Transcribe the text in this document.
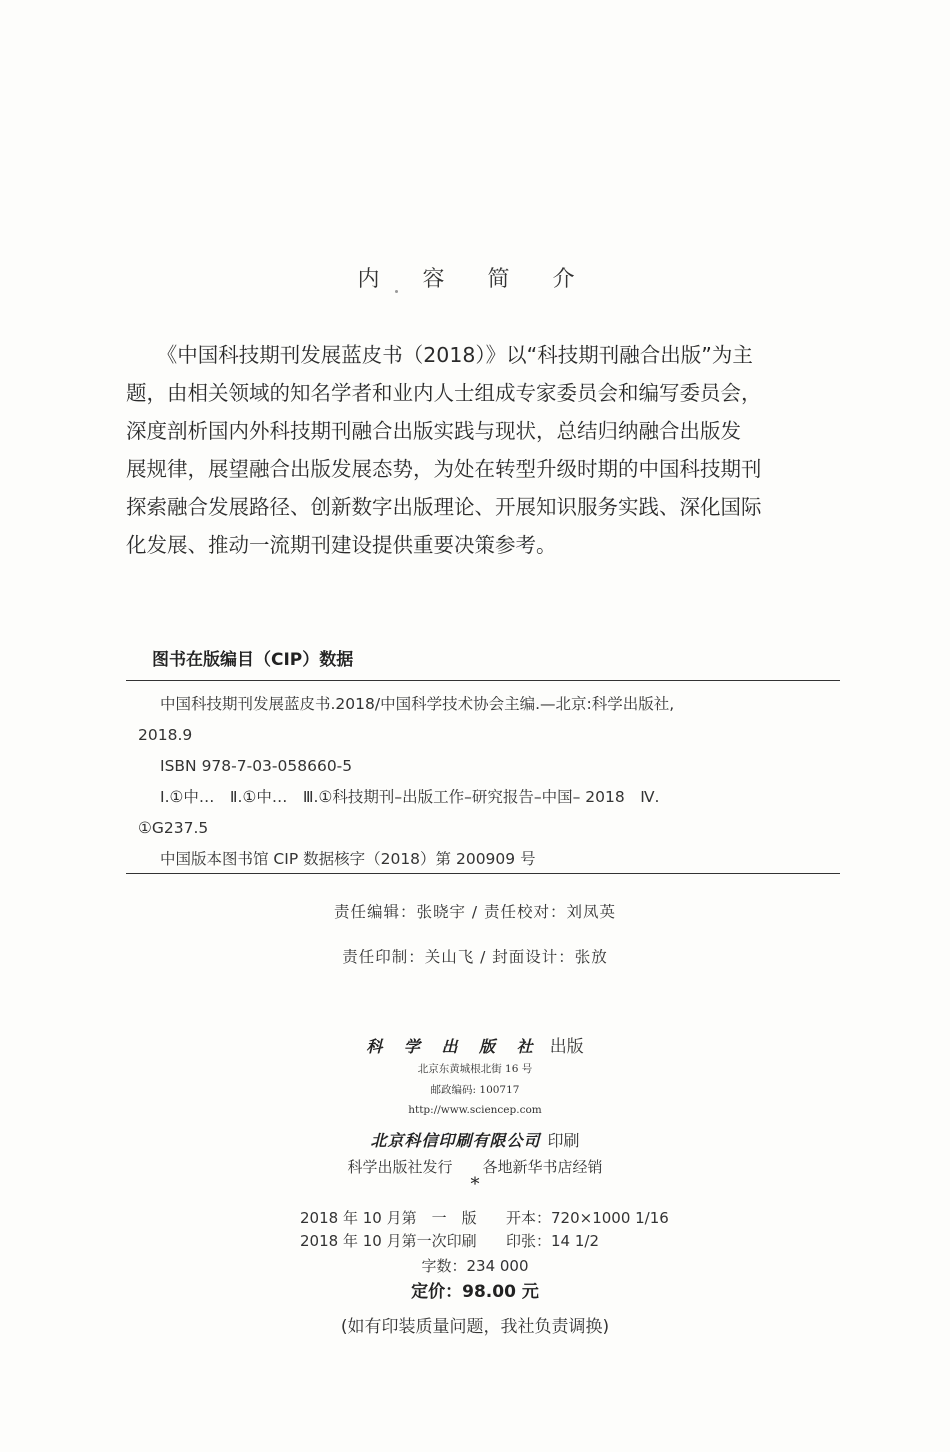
内 容 简 介
　　《中国科技期刊发展蓝皮书（2018）》以“科技期刊融合出版”为主
题，由相关领域的知名学者和业内人士组成专家委员会和编写委员会，
深度剖析国内外科技期刊融合出版实践与现状，总结归纳融合出版发
展规律，展望融合出版发展态势，为处在转型升级时期的中国科技期刊
探索融合发展路径、创新数字出版理论、开展知识服务实践、深化国际
化发展、推动一流期刊建设提供重要决策参考。
图书在版编目（CIP）数据
中国科技期刊发展蓝皮书.2018/中国科学技术协会主编.—北京:科学出版社,
2018.9
ISBN 978-7-03-058660-5
Ⅰ.①中…　Ⅱ.①中…　Ⅲ.①科技期刊–出版工作–研究报告–中国– 2018　Ⅳ.
①G237.5
中国版本图书馆 CIP 数据核字（2018）第 200909 号
责任编辑：张晓宇 / 责任校对：刘凤英
责任印制：关山飞 / 封面设计：张放
科 学 出 版 社 出版
北京东黄城根北街 16 号
邮政编码: 100717
http://www.sciencep.com
北京科信印刷有限公司 印刷
科学出版社发行　　各地新华书店经销
*
2018 年 10 月第　一　版 开本：720×1000 1/16
2018 年 10 月第一次印刷 印张：14 1/2
字数：234 000
定价：98.00 元
(如有印装质量问题，我社负责调换)
